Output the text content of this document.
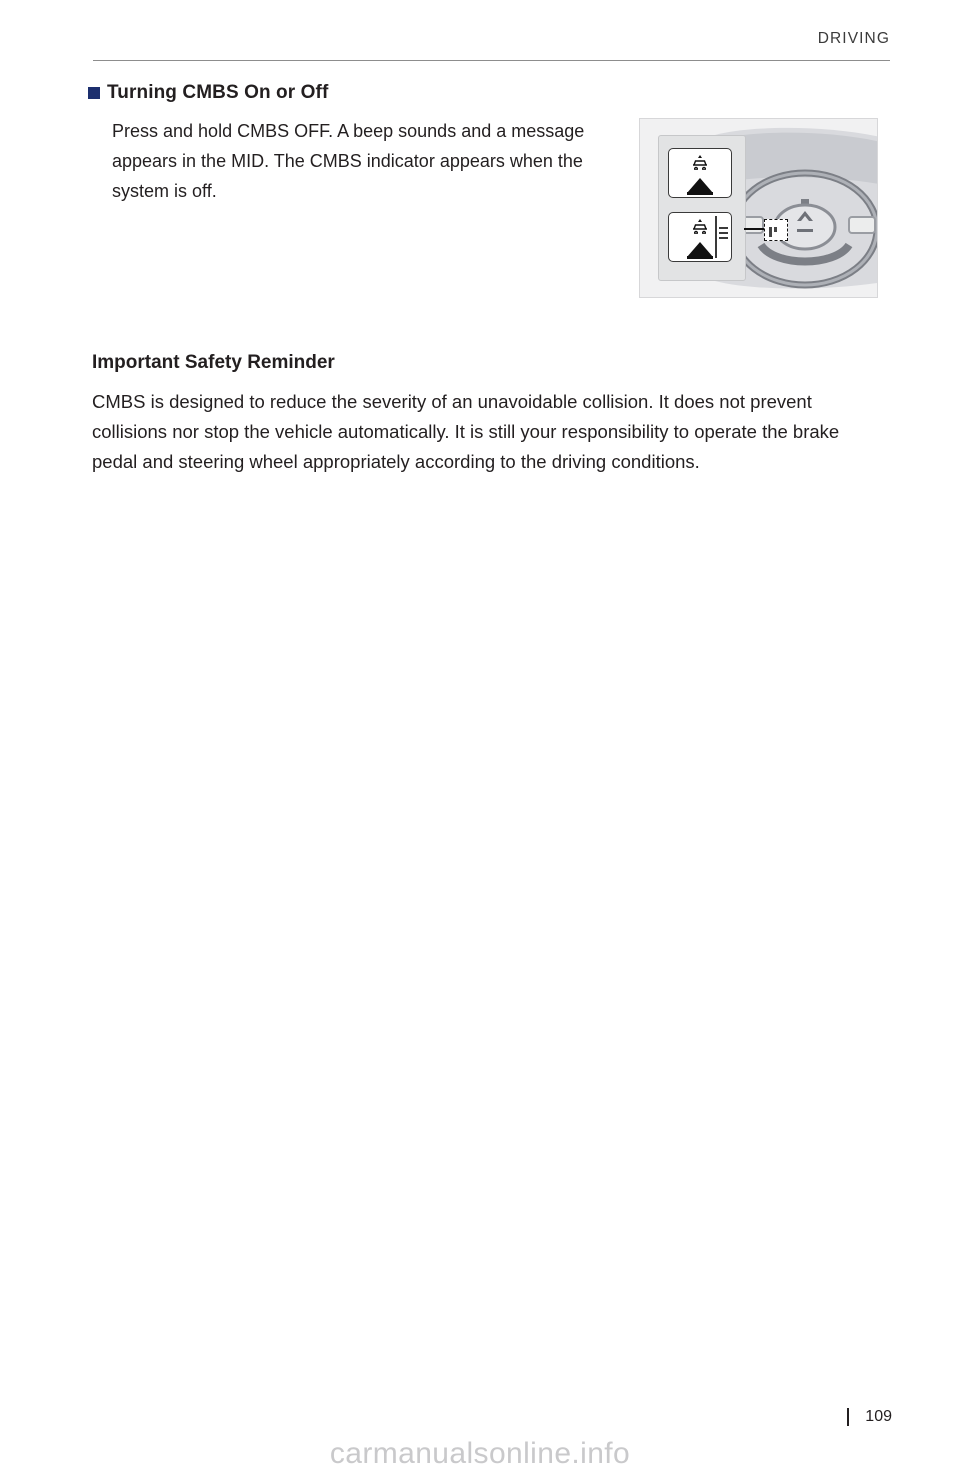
DRIVING
Turning CMBS On or Off
Press and hold CMBS OFF. A beep sounds and a message appears in the MID. The CMBS indicator appears when the system is off.
Important Safety Reminder
CMBS is designed to reduce the severity of an unavoidable collision. It does not prevent collisions nor stop the vehicle automatically. It is still your responsibility to operate the brake pedal and steering wheel appropriately according to the driving conditions.
109
carmanualsonline.info
